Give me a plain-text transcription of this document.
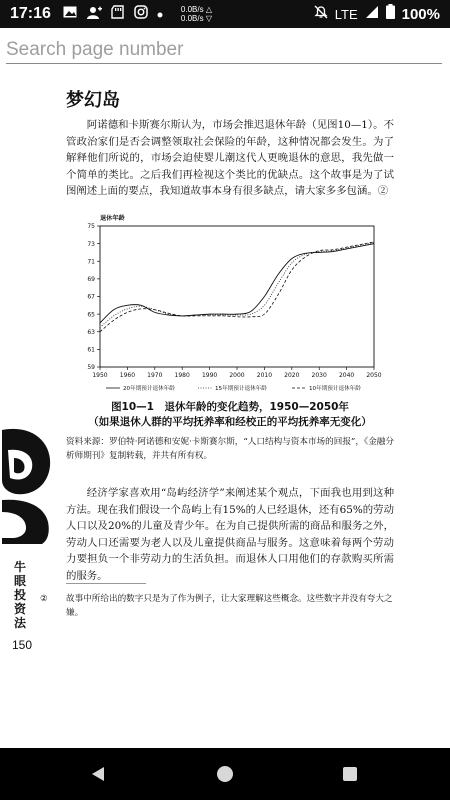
17:16	0.0B/s △
0.0B/s ▽	LTE	100%
Search page number
梦幻岛
阿诺德和卡斯赛尔斯认为，市场会推迟退休年龄（见图10—1）。不管政治家们是否会调整领取社会保险的年龄，这种情况都会发生。为了解释他们所说的，市场会迫使婴儿潮这代人更晚退休的意思，我先做一个简单的类比。之后我们再检视这个类比的优缺点。这个故事是为了试图阐述上面的要点，我知道故事本身有很多缺点，请大家多多包涵。②
退休年龄
59
61
63
65
67
69
71
73
75
1950 1960 1970 1980 1990 2000 2010 2020 2030 2040 2050
20年期预计退休年龄	15年期预计退休年龄	10年期预计退休年龄
图10—1　退休年龄的变化趋势，1950—2050年
（如果退休人群的平均抚养率和经校正的平均抚养率无变化）
资料来源：罗伯特·阿诺德和安妮·卡斯赛尔斯，“人口结构与资本市场的回报”，《金融分析师期刊》复制转载，并共有所有权。
经济学家喜欢用“岛屿经济学”来阐述某个观点，下面我也用到这种方法。现在我们假设一个岛屿上有15%的人已经退休，还有65%的劳动人口以及20%的儿童及青少年。在为自己提供所需的商品和服务之外，劳动人口还需要为老人以及儿童提供商品与服务。这意味着每两个劳动力要担负一个非劳动力的生活负担。而退休人口用他们的存款购买所需的服务。
② 故事中所给出的数字只是为了作为例子，让大家理解这些概念。这些数字并没有夸大之嫌。
牛眼投资法
150
